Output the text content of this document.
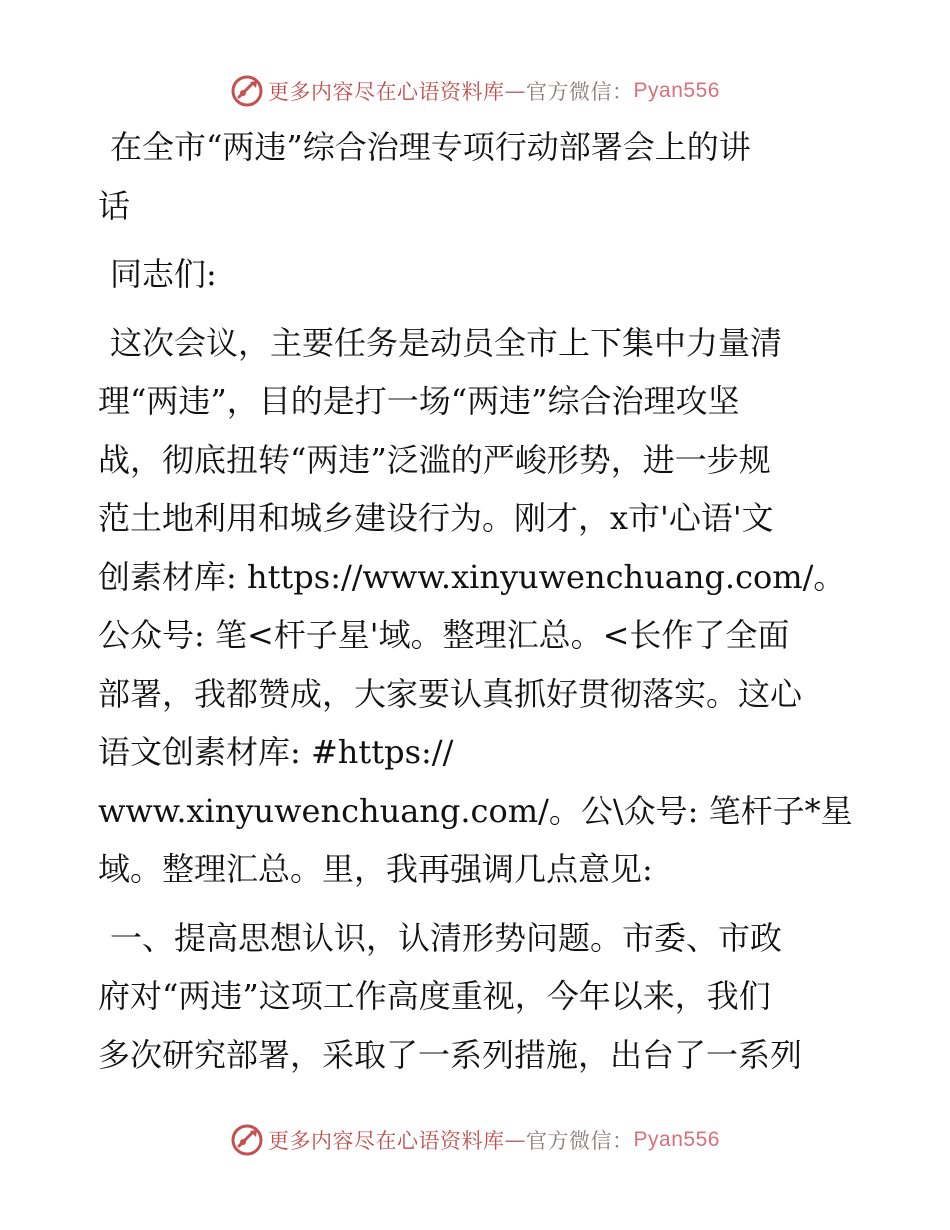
更多内容尽在心语资料库 — 官方微信 ： Pyan556

在全市“两违”综合治理专项行动部署会上的讲
话

同志们:

这次会议，主要任务是动员全市上下集中力量清
理“两违”，目的是打一场“两违”综合治理攻坚
战，彻底扭转“两违”泛滥的严峻形势，进一步规
范土地利用和城乡建设行为。刚才，x市'心语'文
创素材库: https://www.xinyuwenchuang.com/。
公众号: 笔<杆子星'域。整理汇总。<长作了全面
部署，我都赞成，大家要认真抓好贯彻落实。这心
语文创素材库: #https://
www.xinyuwenchuang.com/。公\众号: 笔杆子*星
域。整理汇总。里，我再强调几点意见:

一、提高思想认识，认清形势问题。市委、市政
府对“两违”这项工作高度重视，今年以来，我们
多次研究部署，采取了一系列措施，出台了一系列

更多内容尽在心语资料库 — 官方微信 ： Pyan556
